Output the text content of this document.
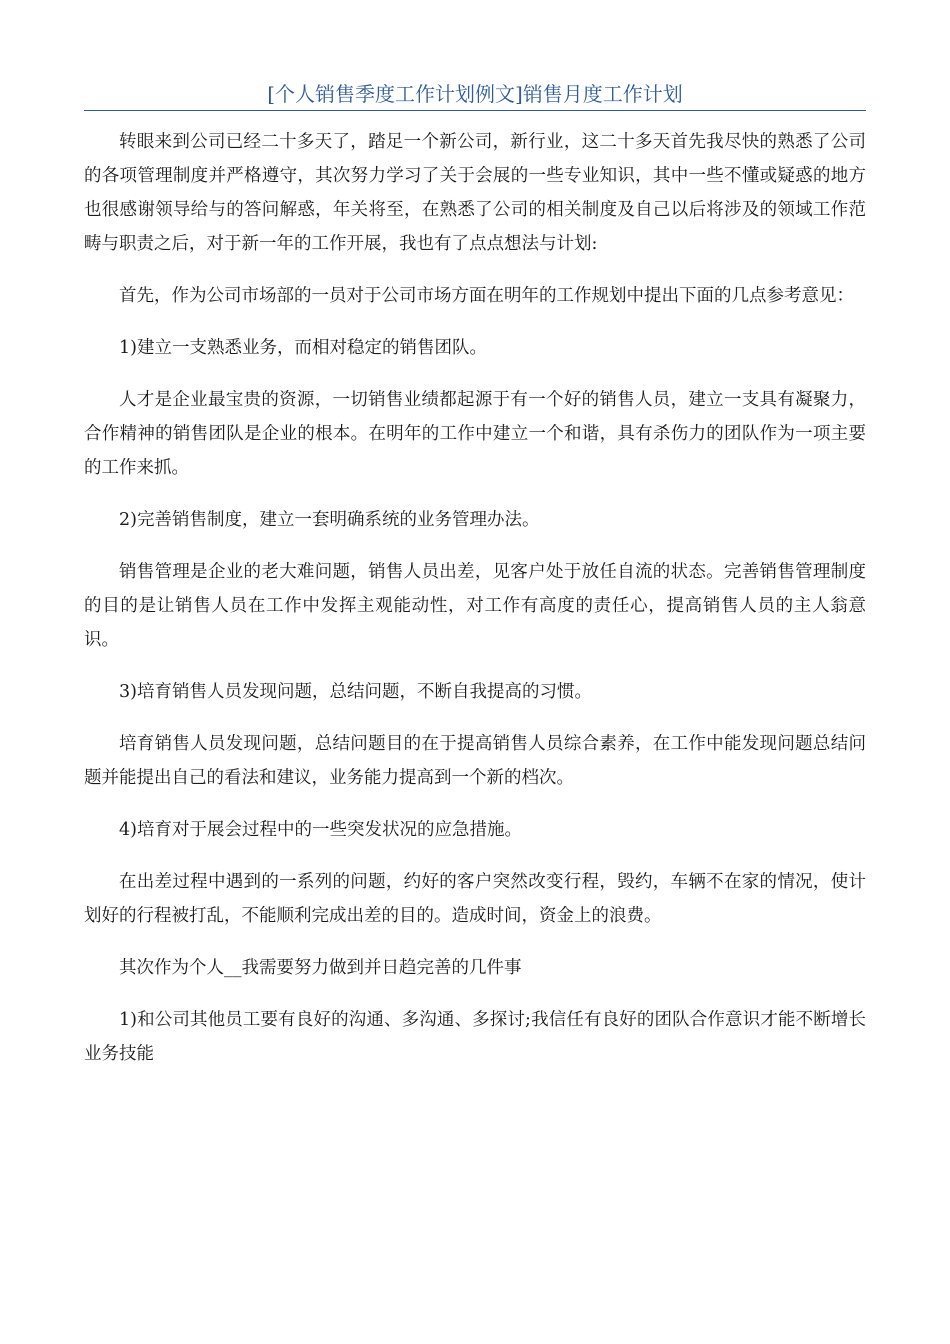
[个人销售季度工作计划例文]销售月度工作计划

转眼来到公司已经二十多天了，踏足一个新公司，新行业，这二十多天首先我尽快的熟悉了公司的各项管理制度并严格遵守，其次努力学习了关于会展的一些专业知识，其中一些不懂或疑惑的地方也很感谢领导给与的答问解惑，年关将至，在熟悉了公司的相关制度及自己以后将涉及的领域工作范畴与职责之后，对于新一年的工作开展，我也有了点点想法与计划:

首先，作为公司市场部的一员对于公司市场方面在明年的工作规划中提出下面的几点参考意见：

1)建立一支熟悉业务，而相对稳定的销售团队。

人才是企业最宝贵的资源，一切销售业绩都起源于有一个好的销售人员，建立一支具有凝聚力，合作精神的销售团队是企业的根本。在明年的工作中建立一个和谐，具有杀伤力的团队作为一项主要的工作来抓。

2)完善销售制度，建立一套明确系统的业务管理办法。

销售管理是企业的老大难问题，销售人员出差，见客户处于放任自流的状态。完善销售管理制度的目的是让销售人员在工作中发挥主观能动性，对工作有高度的责任心，提高销售人员的主人翁意识。

3)培育销售人员发现问题，总结问题，不断自我提高的习惯。

培育销售人员发现问题，总结问题目的在于提高销售人员综合素养，在工作中能发现问题总结问题并能提出自己的看法和建议，业务能力提高到一个新的档次。

4)培育对于展会过程中的一些突发状况的应急措施。

在出差过程中遇到的一系列的问题，约好的客户突然改变行程，毁约，车辆不在家的情况，使计划好的行程被打乱，不能顺利完成出差的目的。造成时间，资金上的浪费。

其次作为个人__我需要努力做到并日趋完善的几件事

1)和公司其他员工要有良好的沟通、多沟通、多探讨;我信任有良好的团队合作意识才能不断增长业务技能
